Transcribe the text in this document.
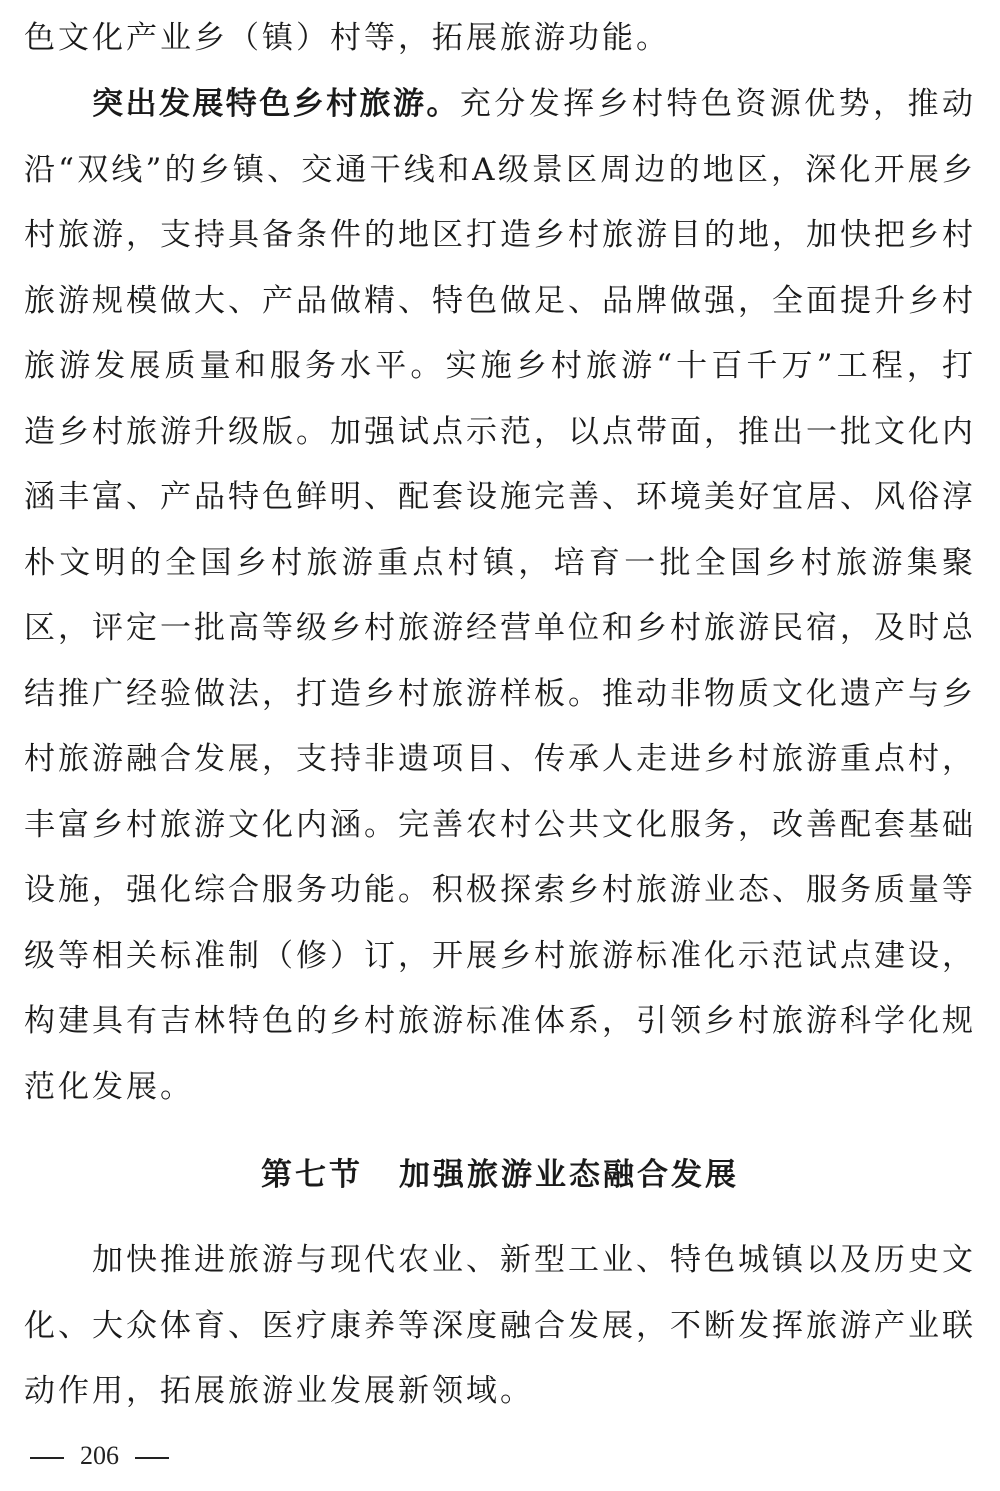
色文化产业乡（镇）村等，拓展旅游功能。

突出发展特色乡村旅游。充分发挥乡村特色资源优势，推动沿“双线”的乡镇、交通干线和A级景区周边的地区，深化开展乡村旅游，支持具备条件的地区打造乡村旅游目的地，加快把乡村旅游规模做大、产品做精、特色做足、品牌做强，全面提升乡村旅游发展质量和服务水平。实施乡村旅游“十百千万”工程，打造乡村旅游升级版。加强试点示范，以点带面，推出一批文化内涵丰富、产品特色鲜明、配套设施完善、环境美好宜居、风俗淳朴文明的全国乡村旅游重点村镇，培育一批全国乡村旅游集聚区，评定一批高等级乡村旅游经营单位和乡村旅游民宿，及时总结推广经验做法，打造乡村旅游样板。推动非物质文化遗产与乡村旅游融合发展，支持非遗项目、传承人走进乡村旅游重点村，丰富乡村旅游文化内涵。完善农村公共文化服务，改善配套基础设施，强化综合服务功能。积极探索乡村旅游业态、服务质量等级等相关标准制（修）订，开展乡村旅游标准化示范试点建设，构建具有吉林特色的乡村旅游标准体系，引领乡村旅游科学化规范化发展。

第七节 加强旅游业态融合发展

加快推进旅游与现代农业、新型工业、特色城镇以及历史文化、大众体育、医疗康养等深度融合发展，不断发挥旅游产业联动作用，拓展旅游业发展新领域。

206
